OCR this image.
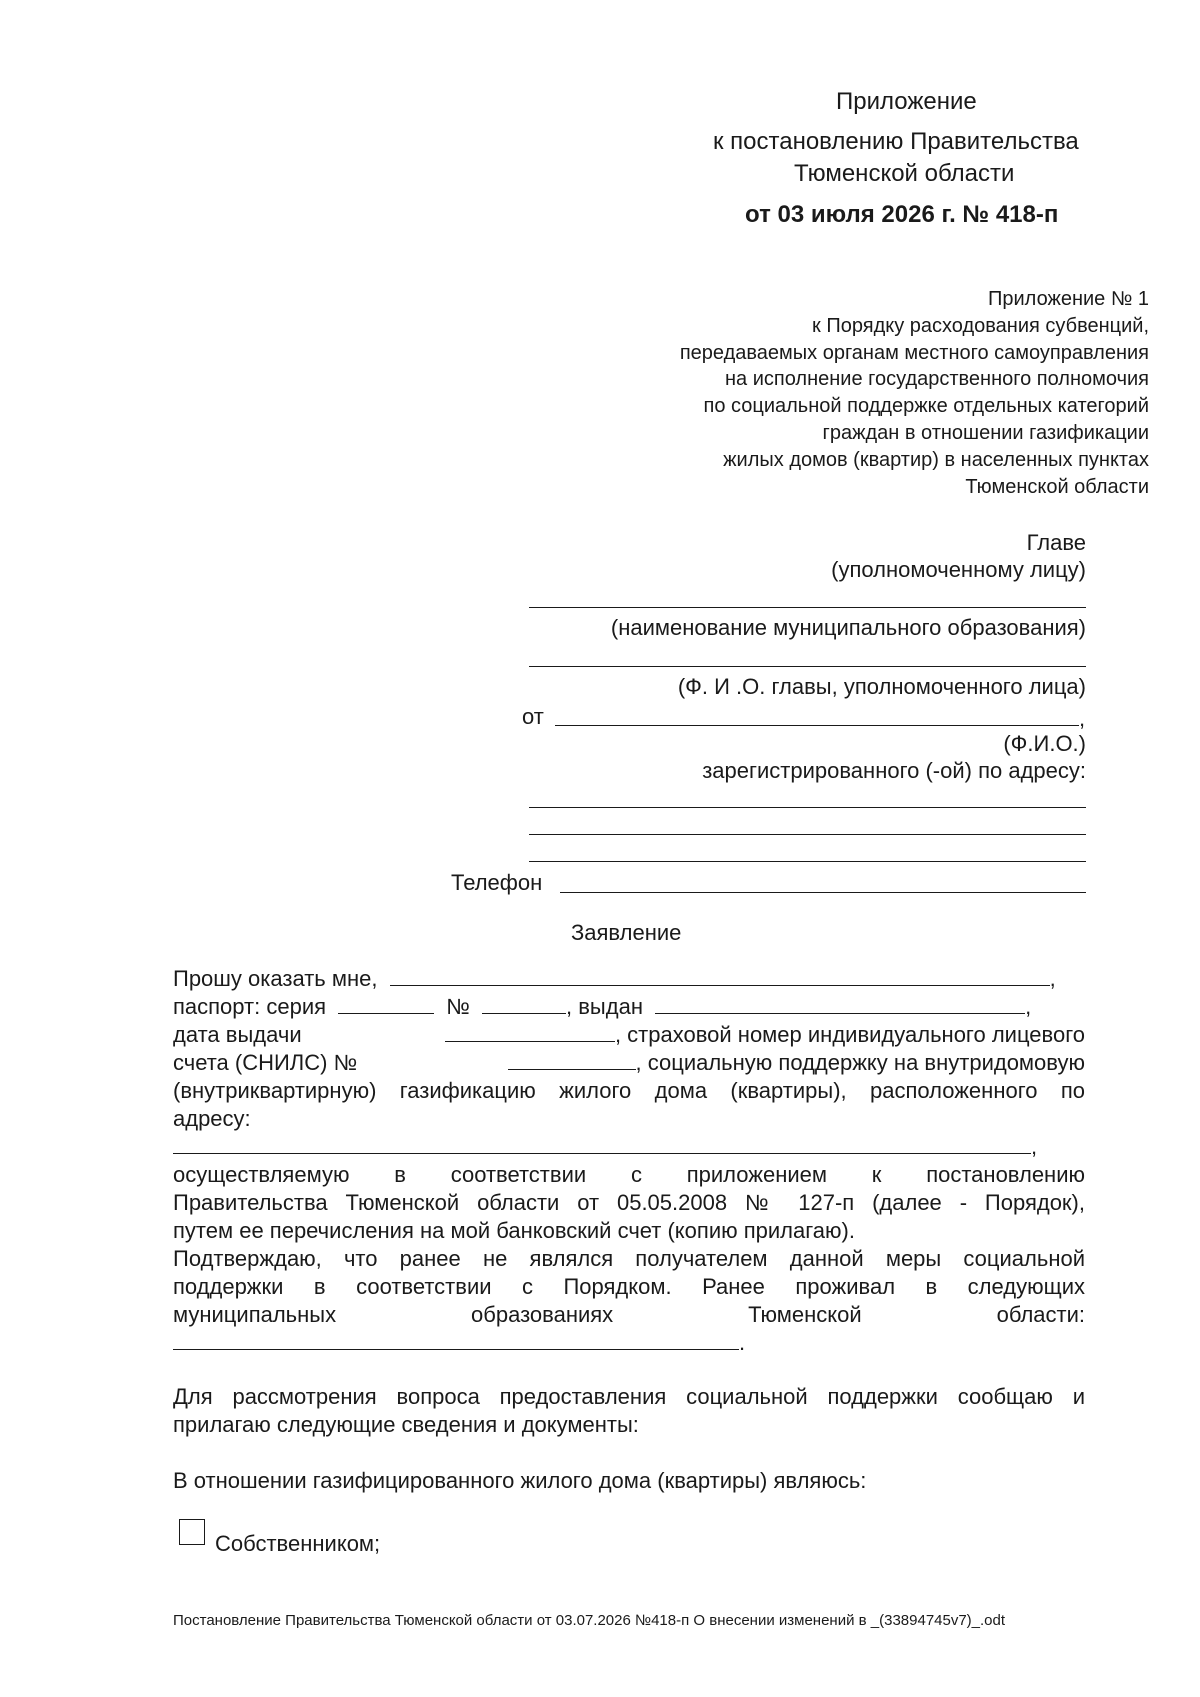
Приложение
к постановлению Правительства
Тюменской области
от 03 июля 2026 г. № 418-п
Приложение № 1
к Порядку расходования субвенций,
передаваемых органам местного самоуправления
на исполнение государственного полномочия
по социальной поддержке отдельных категорий
граждан в отношении газификации
жилых домов (квартир) в населенных пунктах
Тюменской области
Главе
(уполномоченному лицу)
(наименование муниципального образования)
(Ф. И .О. главы, уполномоченного лица)
от	,
(Ф.И.О.)
зарегистрированного (-ой) по адресу:
Телефон
Заявление
Прошу оказать мне,	,
паспорт: серия	№	, выдан	,
дата выдачи	, страховой номер индивидуального лицевого
счета (СНИЛС) №	, социальную поддержку на внутридомовую
(внутриквартирную) газификацию жилого дома (квартиры), расположенного по
адресу:
,
осуществляемую в соответствии с приложением к постановлению
Правительства Тюменской области от 05.05.2008 № 127-п (далее - Порядок),
путем ее перечисления на мой банковский счет (копию прилагаю).
Подтверждаю, что ранее не являлся получателем данной меры социальной
поддержки в соответствии с Порядком. Ранее проживал в следующих
муниципальных образованиях Тюменской области:
.
Для рассмотрения вопроса предоставления социальной поддержки сообщаю и
прилагаю следующие сведения и документы:
В отношении газифицированного жилого дома (квартиры) являюсь:
Собственником;
Постановление Правительства Тюменской области от 03.07.2026 №418-п О внесении изменений в _(33894745v7)_.odt
